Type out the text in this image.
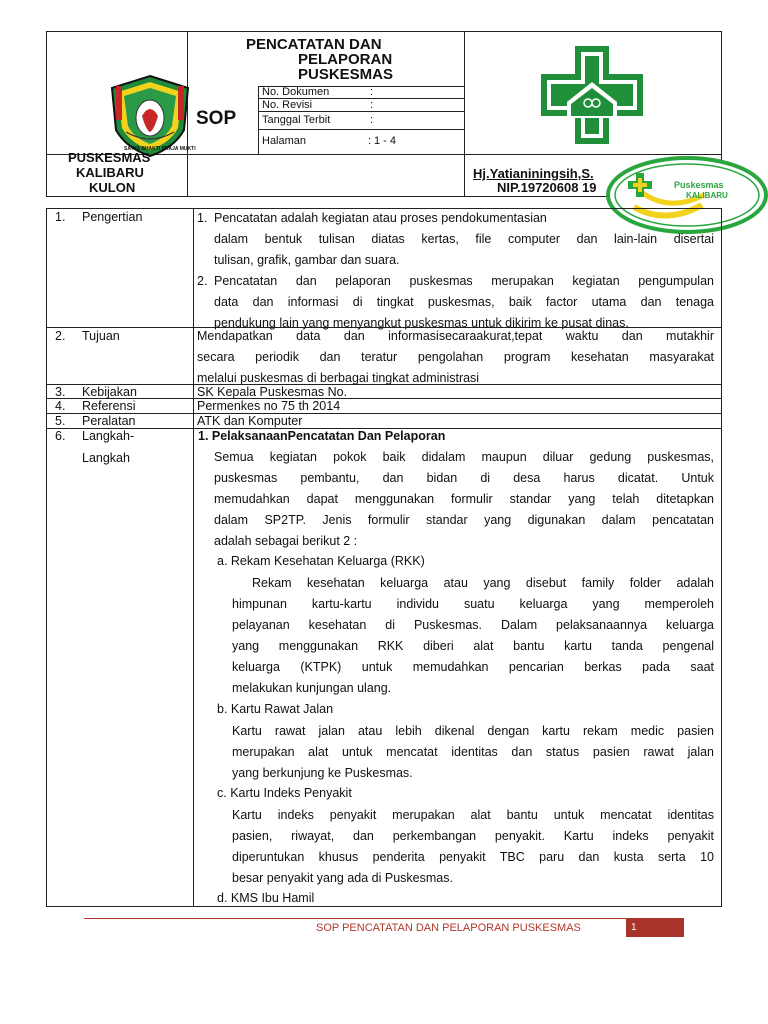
SATYA BHAKTI PRAJA MUKTI
SOP
PENCATATAN DAN
PELAPORAN
PUSKESMAS
No. Dokumen	:
No. Revisi	:
Tanggal Terbit	:
Halaman	: 1 - 4
PUSKESMAS
KALIBARU
KULON
Hj.Yatianiningsih,S.
NIP.19720608 19	Puskesmas
KALIBARU
1. Pengertian	1. Pencatatan adalah kegiatan atau proses pendokumentasian
dalam bentuk tulisan diatas kertas, file computer dan lain-lain disertai
tulisan, grafik, gambar dan suara.
2. Pencatatan dan pelaporan puskesmas merupakan kegiatan pengumpulan
data dan informasi di tingkat puskesmas, baik factor utama dan tenaga
pendukung lain yang menyangkut puskesmas untuk dikirim ke pusat dinas.
2. Tujuan	Mendapatkan data dan informasisecaraakurat,tepat waktu dan mutakhir
secara periodik dan teratur pengolahan program kesehatan masyarakat
melalui puskesmas di berbagai tingkat administrasi
3. Kebijakan	SK Kepala Puskesmas No.
4. Referensi	Permenkes no 75 th 2014
5. Peralatan	ATK dan Komputer
6. Langkah-
Langkah
1. PelaksanaanPencatatan Dan Pelaporan
Semua kegiatan pokok baik didalam maupun diluar gedung puskesmas,
puskesmas pembantu, dan bidan di desa harus dicatat. Untuk
memudahkan dapat menggunakan formulir standar yang telah ditetapkan
dalam SP2TP. Jenis formulir standar yang digunakan dalam pencatatan
adalah sebagai berikut 2 :
a. Rekam Kesehatan Keluarga (RKK)
Rekam kesehatan keluarga atau yang disebut family folder adalah
himpunan kartu-kartu individu suatu keluarga yang memperoleh
pelayanan kesehatan di Puskesmas. Dalam pelaksanaannya keluarga
yang menggunakan RKK diberi alat bantu kartu tanda pengenal
keluarga (KTPK) untuk memudahkan pencarian berkas pada saat
melakukan kunjungan ulang.
b. Kartu Rawat Jalan
Kartu rawat jalan atau lebih dikenal dengan kartu rekam medic pasien
merupakan alat untuk mencatat identitas dan status pasien rawat jalan
yang berkunjung ke Puskesmas.
c. Kartu Indeks Penyakit
Kartu indeks penyakit merupakan alat bantu untuk mencatat identitas
pasien, riwayat, dan perkembangan penyakit. Kartu indeks penyakit
diperuntukan khusus penderita penyakit TBC paru dan kusta serta 10
besar penyakit yang ada di Puskesmas.
d. KMS Ibu Hamil
SOP PENCATATAN DAN PELAPORAN PUSKESMAS	1
